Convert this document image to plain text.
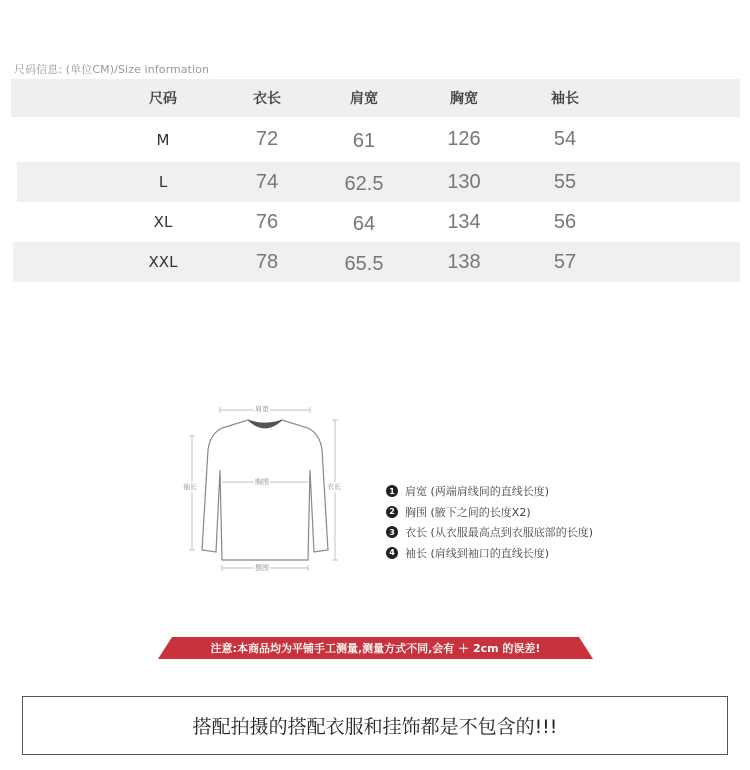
尺码信息: (单位CM)/Size information
尺码	衣长	肩宽	胸宽	袖长
M	72	61	126	54
L	74	62.5	130	55
XL	76	64	134	56
XXL	78	65.5	138	57
肩宽
胸围
袖长	衣长
摆围
1 肩宽 (两端肩线间的直线长度)
2 胸围 (腋下之间的长度X2)
3 衣长 (从衣服最高点到衣服底部的长度)
4 袖长 (肩线到袖口的直线长度)
注意:本商品均为平铺手工测量,测量方式不同,会有 ＋ 2cm 的误差!
搭配拍摄的搭配衣服和挂饰都是不包含的!!!
